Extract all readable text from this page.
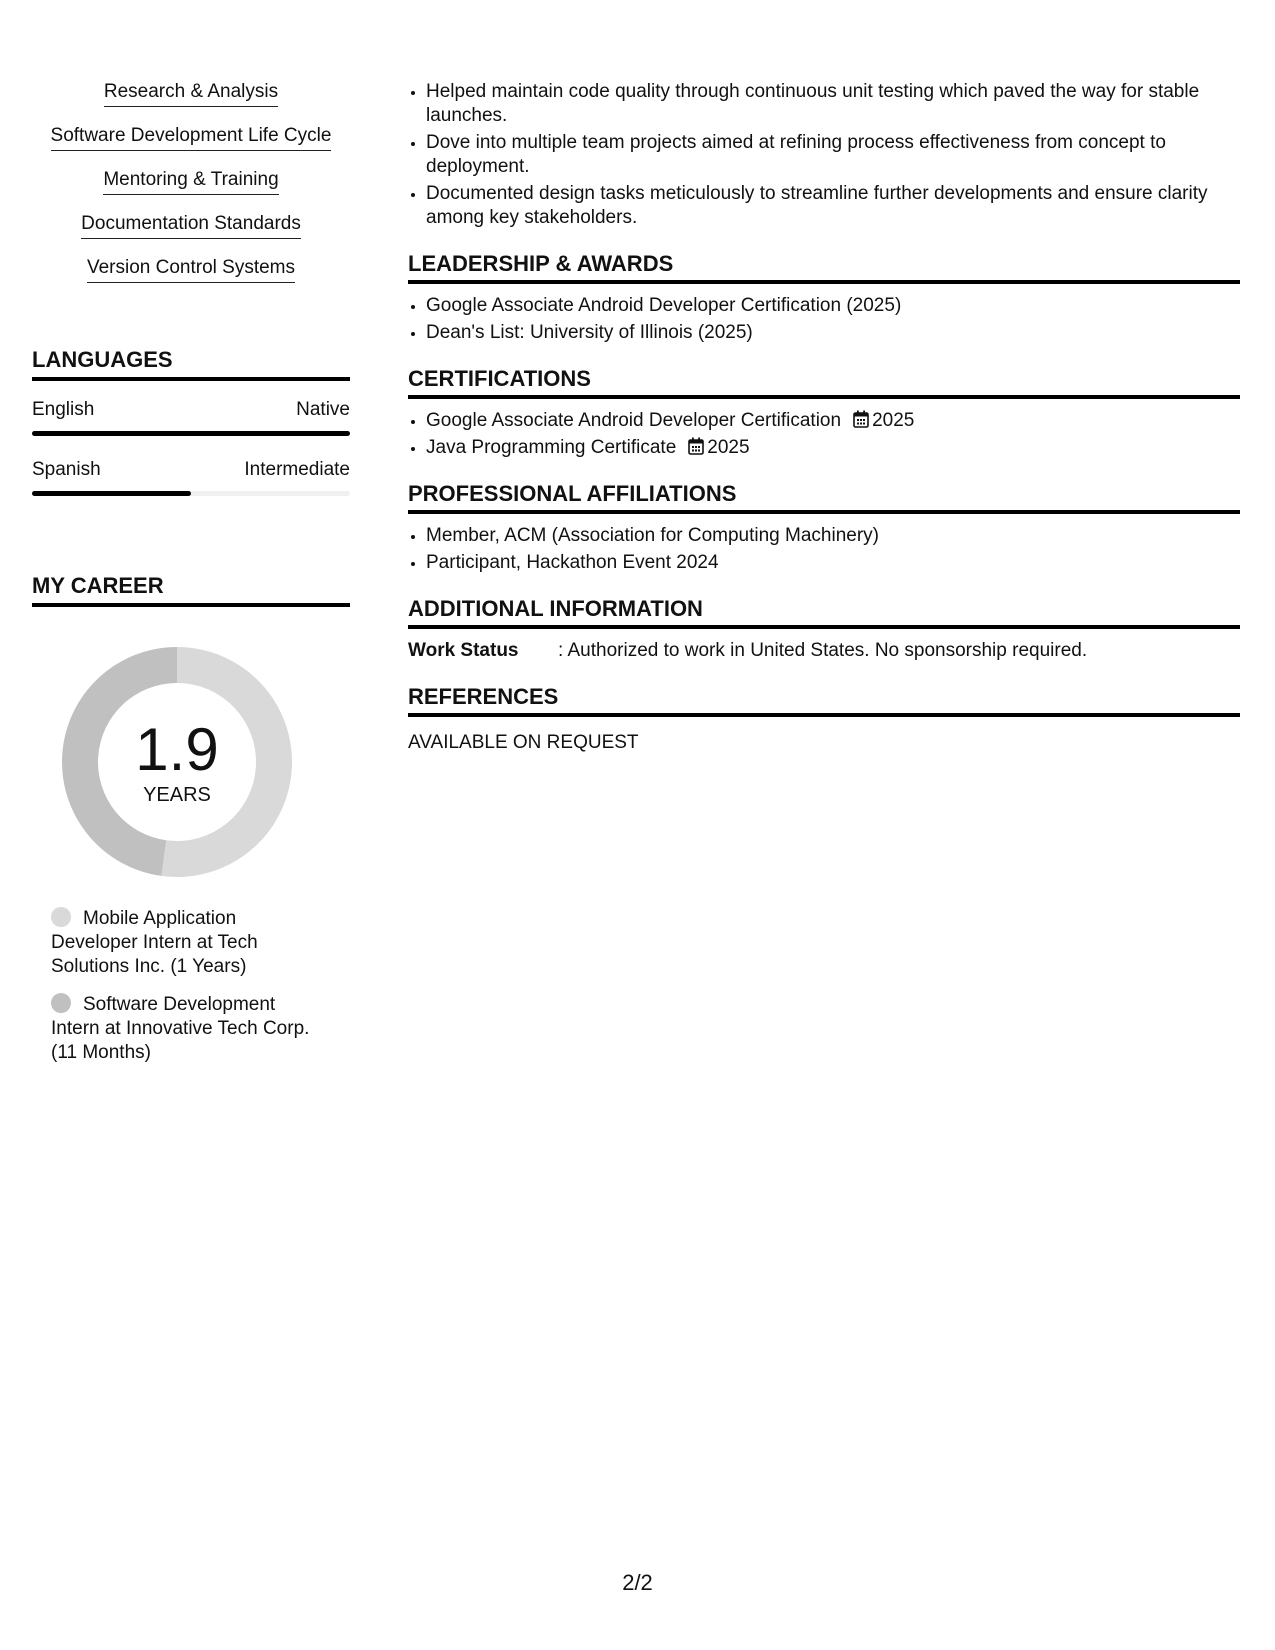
Research & Analysis
Software Development Life Cycle
Mentoring & Training
Documentation Standards
Version Control Systems
LANGUAGES
English	Native
Spanish	Intermediate
MY CAREER
1.9
YEARS
Mobile Application Developer Intern at Tech Solutions Inc. (1 Years)
Software Development Intern at Innovative Tech Corp. (11 Months)
• Helped maintain code quality through continuous unit testing which paved the way for stable launches.
• Dove into multiple team projects aimed at refining process effectiveness from concept to deployment.
• Documented design tasks meticulously to streamline further developments and ensure clarity among key stakeholders.
LEADERSHIP & AWARDS
• Google Associate Android Developer Certification (2025)
• Dean's List: University of Illinois (2025)
CERTIFICATIONS
• Google Associate Android Developer Certification 2025
• Java Programming Certificate 2025
PROFESSIONAL AFFILIATIONS
• Member, ACM (Association for Computing Machinery)
• Participant, Hackathon Event 2024
ADDITIONAL INFORMATION
Work Status	: Authorized to work in United States. No sponsorship required.
REFERENCES
AVAILABLE ON REQUEST
2/2
